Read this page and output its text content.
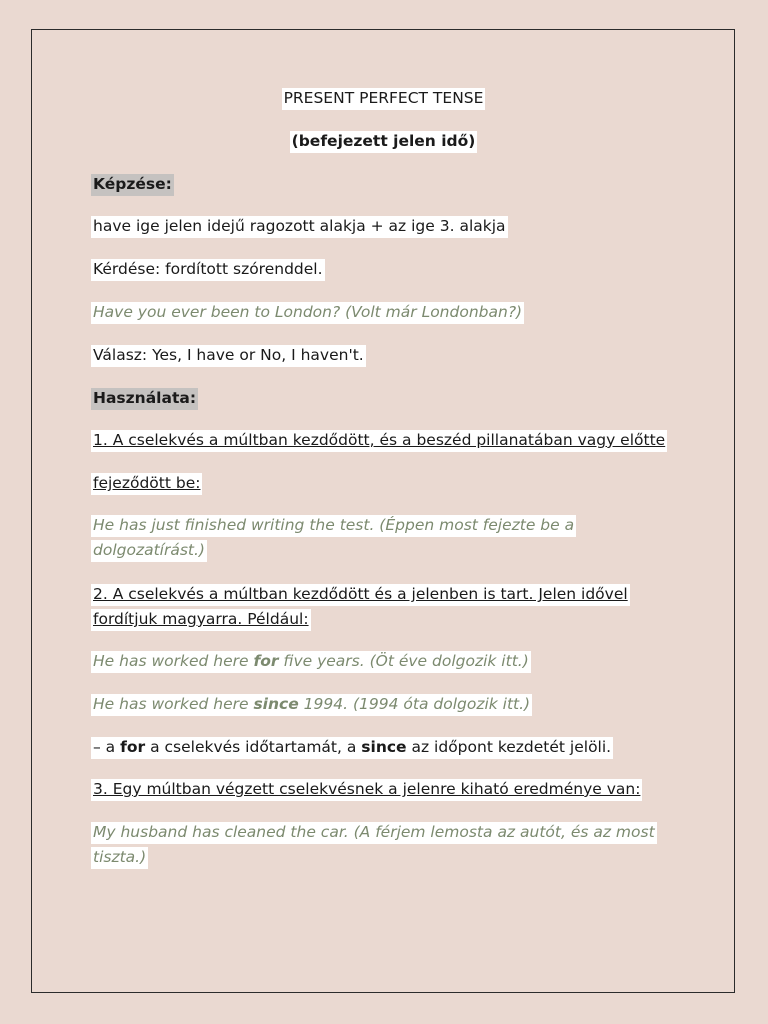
PRESENT PERFECT TENSE
(befejezett jelen idő)
Képzése:
have ige jelen idejű ragozott alakja + az ige 3. alakja
Kérdése: fordított szórenddel.
Have you ever been to London? (Volt már Londonban?)
Válasz: Yes, I have or No, I haven't.
Használata:
1. A cselekvés a múltban kezdődött, és a beszéd pillanatában vagy előtte
fejeződött be:
He has just finished writing the test. (Éppen most fejezte be a dolgozatírást.)
2. A cselekvés a múltban kezdődött és a jelenben is tart. Jelen idővel fordítjuk magyarra. Például:
He has worked here for five years. (Öt éve dolgozik itt.)
He has worked here since 1994. (1994 óta dolgozik itt.)
– a for a cselekvés időtartamát, a since az időpont kezdetét jelöli.
3. Egy múltban végzett cselekvésnek a jelenre kiható eredménye van:
My husband has cleaned the car. (A férjem lemosta az autót, és az most tiszta.)
